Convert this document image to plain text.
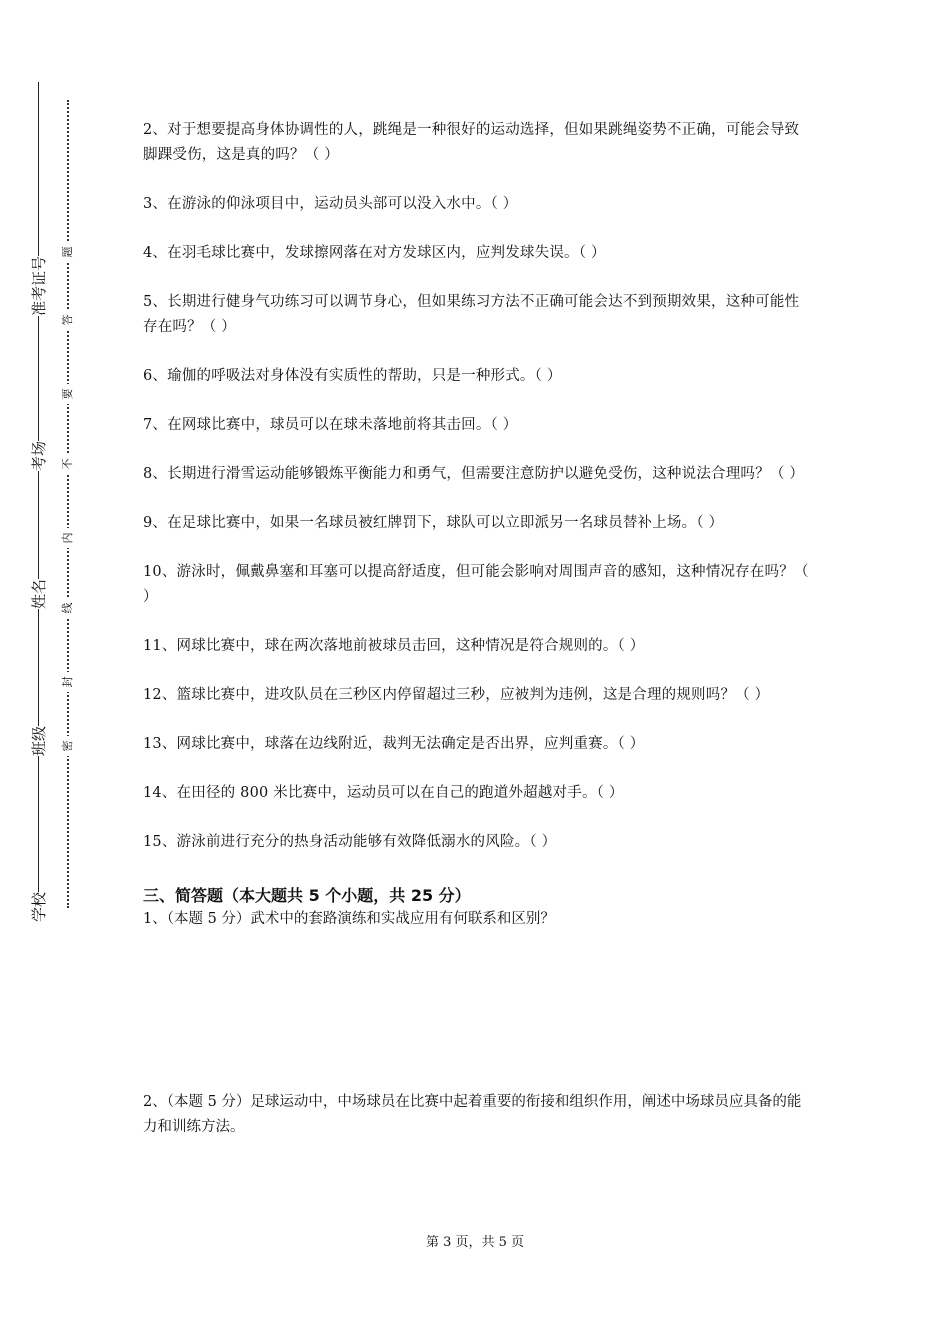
学校
班级
姓名
考场
准考证号
密
封
线
内
不
要
答
题

2、对于想要提高身体协调性的人，跳绳是一种很好的运动选择，但如果跳绳姿势不正确，可能会导致脚踝受伤，这是真的吗？（ ）

3、在游泳的仰泳项目中，运动员头部可以没入水中。（ ）

4、在羽毛球比赛中，发球擦网落在对方发球区内，应判发球失误。（ ）

5、长期进行健身气功练习可以调节身心，但如果练习方法不正确可能会达不到预期效果，这种可能性存在吗？（ ）

6、瑜伽的呼吸法对身体没有实质性的帮助，只是一种形式。（ ）

7、在网球比赛中，球员可以在球未落地前将其击回。（ ）

8、长期进行滑雪运动能够锻炼平衡能力和勇气，但需要注意防护以避免受伤，这种说法合理吗？（ ）

9、在足球比赛中，如果一名球员被红牌罚下，球队可以立即派另一名球员替补上场。（ ）

10、游泳时，佩戴鼻塞和耳塞可以提高舒适度，但可能会影响对周围声音的感知，这种情况存在吗？（ ）

11、网球比赛中，球在两次落地前被球员击回，这种情况是符合规则的。（ ）

12、篮球比赛中，进攻队员在三秒区内停留超过三秒，应被判为违例，这是合理的规则吗？（ ）

13、网球比赛中，球落在边线附近，裁判无法确定是否出界，应判重赛。（ ）

14、在田径的 800 米比赛中，运动员可以在自己的跑道外超越对手。（ ）

15、游泳前进行充分的热身活动能够有效降低溺水的风险。（ ）

三、简答题（本大题共 5 个小题，共 25 分）

1、（本题 5 分）武术中的套路演练和实战应用有何联系和区别？

2、（本题 5 分）足球运动中，中场球员在比赛中起着重要的衔接和组织作用，阐述中场球员应具备的能力和训练方法。

第 3 页，共 5 页
